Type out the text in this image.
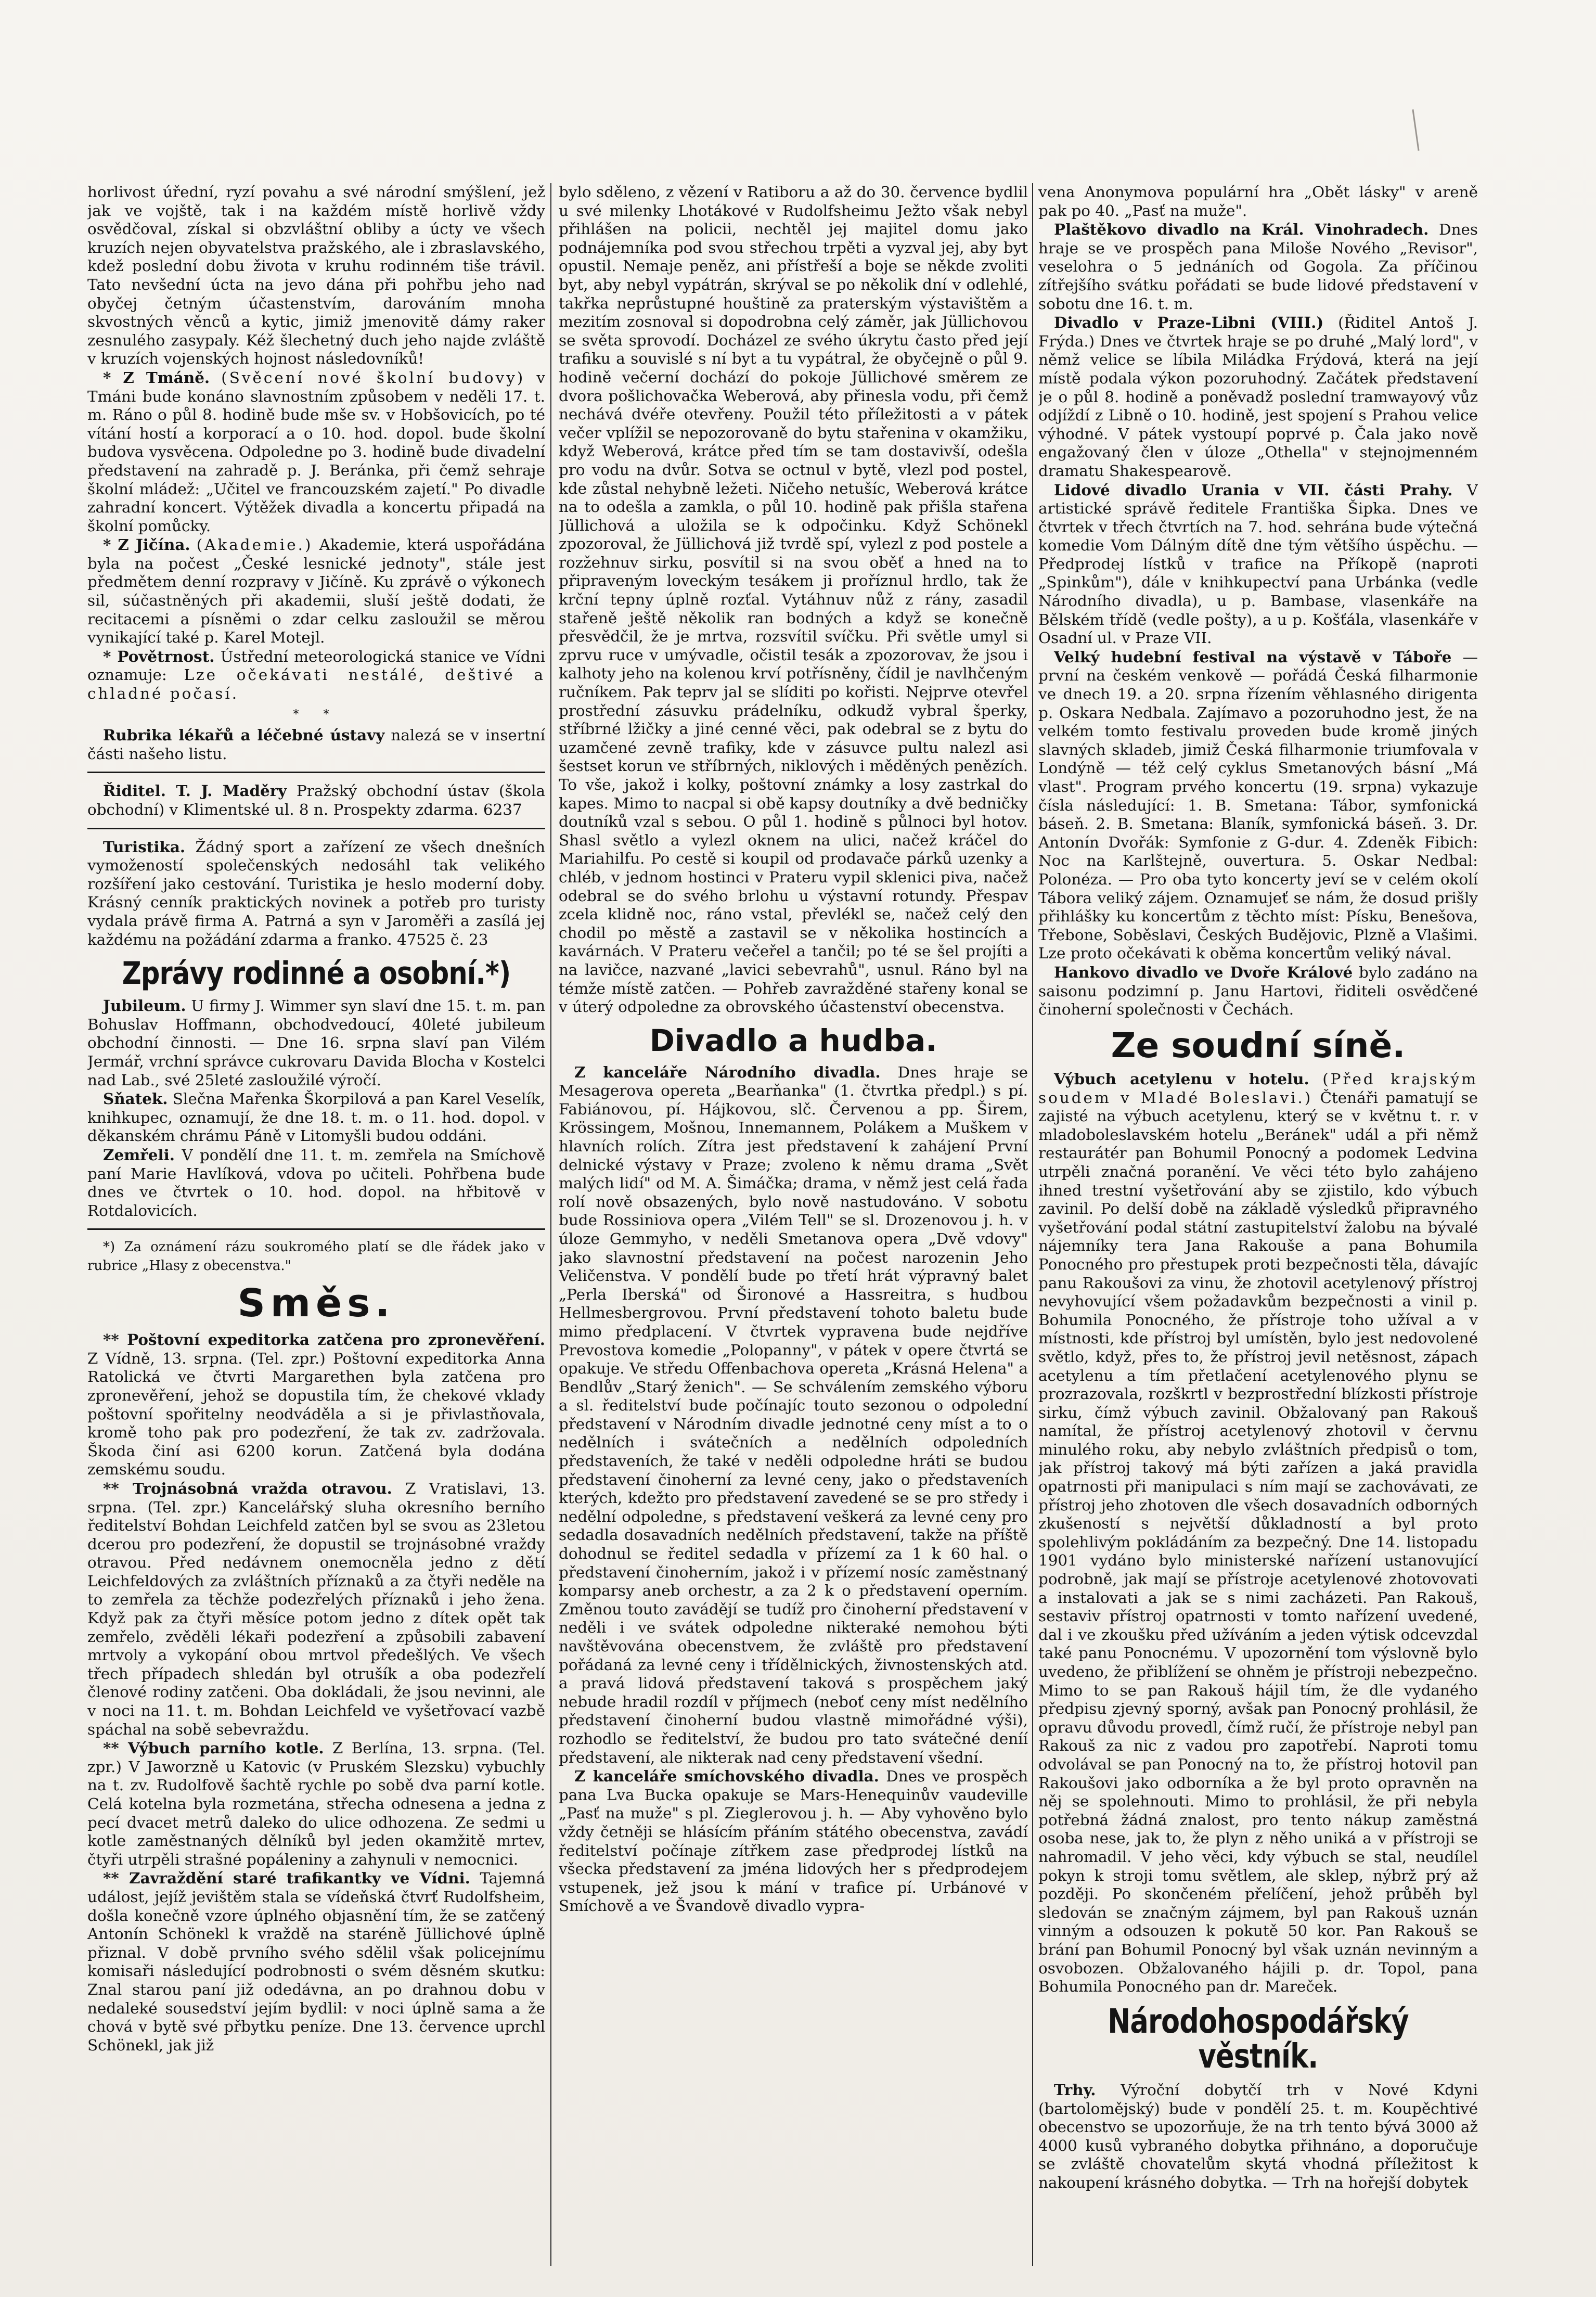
horlivost úřední, ryzí povahu a své národní smýšlení, jež jak ve vojště, tak i na každém místě horlivě vždy osvědčoval, získal si obzvláštní obliby a úcty ve všech kruzích nejen obyvatelstva pražského, ale i zbraslavského, kdež poslední dobu života v kruhu rodinném tiše trávil. Tato nevšední úcta na jevo dána při pohřbu jeho nad obyčej četným účastenstvím, darováním mnoha skvostných věnců a kytic, jimiž jmenovitě dámy raker zesnulého zasypaly. Kéž šlechetný duch jeho najde zvláště v kruzích vojenských hojnost následovníků!

* Z Tmáně. (Svěcení nové školní budovy) v Tmáni bude konáno slavnostním způsobem v neděli 17. t. m. Ráno o půl 8. hodině bude mše sv. v Hobšovicích, po té vítání hostí a korporací a o 10. hod. dopol. bude školní budova vysvěcena. Odpoledne po 3. hodině bude divadelní představení na zahradě p. J. Beránka, při čemž sehraje školní mládež: „Učitel ve francouzském zajetí." Po divadle zahradní koncert. Výtěžek divadla a koncertu připadá na školní pomůcky.

* Z Jičína. (Akademie.) Akademie, která uspořádána byla na počest „České lesnické jednoty", stále jest předmětem denní rozpravy v Jičíně. Ku zprávě o výkonech sil, súčastněných při akademii, sluší ještě dodati, že recitacemi a písněmi o zdar celku zasloužil se měrou vynikající také p. Karel Motejl.

* Povětrnost. Ústřední meteorologická stanice ve Vídni oznamuje: Lze očekávati nestálé, deštivé a chladné počasí.

* *

Rubrika lékařů a léčebné ústavy nalezá se v insertní části našeho listu.

Řiditel. T. J. Maděry Pražský obchodní ústav (škola obchodní) v Klimentské ul. 8 n. Prospekty zdarma. 6237

Turistika. Žádný sport a zařízení ze všech dnešních vymožeností společenských nedosáhl tak velikého rozšíření jako cestování. Turistika je heslo moderní doby. Krásný cenník praktických novinek a potřeb pro turisty vydala právě firma A. Patrná a syn v Jaroměři a zasílá jej každému na požádání zdarma a franko. 47525 č. 23

Zprávy rodinné a osobní.*)

Jubileum. U firmy J. Wimmer syn slaví dne 15. t. m. pan Bohuslav Hoffmann, obchodvedoucí, 40leté jubileum obchodní činnosti. — Dne 16. srpna slaví pan Vilém Jermář, vrchní správce cukrovaru Davida Blocha v Kostelci nad Lab., své 25leté zasloužilé výročí.

Sňatek. Slečna Mařenka Škorpilová a pan Karel Veselík, knihkupec, oznamují, že dne 18. t. m. o 11. hod. dopol. v děkanském chrámu Páně v Litomyšli budou oddáni.

Zemřeli. V pondělí dne 11. t. m. zemřela na Smíchově paní Marie Havlíková, vdova po učiteli. Pohřbena bude dnes ve čtvrtek o 10. hod. dopol. na hřbitově v Rotdalovicích.

*) Za oznámení rázu soukromého platí se dle řádek jako v rubrice „Hlasy z obecenstva."

Směs.

** Poštovní expeditorka zatčena pro zpronevěření. Z Vídně, 13. srpna. (Tel. zpr.) Poštovní expeditorka Anna Ratolická ve čtvrti Margarethen byla zatčena pro zpronevěření, jehož se dopustila tím, že chekové vklady poštovní spořitelny neodváděla a si je přivlastňovala, kromě toho pak pro podezření, že tak zv. zadržovala. Škoda činí asi 6200 korun. Zatčená byla dodána zemskému soudu.

** Trojnásobná vražda otravou. Z Vratislavi, 13. srpna. (Tel. zpr.) Kancelářský sluha okresního berního ředitelství Bohdan Leichfeld zatčen byl se svou as 23letou dcerou pro podezření, že dopustil se trojnásobné vraždy otravou. Před nedávnem onemocněla jedno z dětí Leichfeldových za zvláštních příznaků a za čtyři neděle na to zemřela za těchže podezřelých příznaků i jeho žena. Když pak za čtyři měsíce potom jedno z dítek opět tak zemřelo, zvěděli lékaři podezření a způsobili zabavení mrtvoly a vykopání obou mrtvol předešlých. Ve všech třech případech shledán byl otrušík a oba podezřelí členové rodiny zatčeni. Oba dokládali, že jsou nevinni, ale v noci na 11. t. m. Bohdan Leichfeld ve vyšetřovací vazbě spáchal na sobě sebevraždu.

** Výbuch parního kotle. Z Berlína, 13. srpna. (Tel. zpr.) V Jaworzně u Katovic (v Pruském Slezsku) vybuchly na t. zv. Rudolfově šachtě rychle po sobě dva parní kotle. Celá kotelna byla rozmetána, střecha odnesena a jedna z pecí dvacet metrů daleko do ulice odhozena. Ze sedmi u kotle zaměstnaných dělníků byl jeden okamžitě mrtev, čtyři utrpěli strašné popáleniny a zahynuli v nemocnici.

** Zavraždění staré trafikantky ve Vídni. Tajemná událost, jejíž jevištěm stala se vídeňská čtvrť Rudolfsheim, došla konečně vzore úplného objasnění tím, že se zatčený Antonín Schönekl k vraždě na staréně Jüllichové úplně přiznal. V době prvního svého sdělil však policejnímu komisaři následující podrobnosti o svém děsném skutku: Znal starou paní již odedávna, an po drahnou dobu v nedaleké sousedství jejím bydlil: v noci úplně sama a že chová v bytě své přbytku peníze. Dne 13. července uprchl Schönekl, jak již

bylo sděleno, z vězení v Ratiboru a až do 30. července bydlil u své milenky Lhotákové v Rudolfsheimu Ježto však nebyl přihlášen na policii, nechtěl jej majitel domu jako podnájemníka pod svou střechou trpěti a vyzval jej, aby byt opustil. Nemaje peněz, ani přístřeší a boje se někde zvoliti byt, aby nebyl vypátrán, skrýval se po několik dní v odlehlé, takřka neprůstupné houštině za praterským výstavištěm a mezitím zosnoval si dopodrobna celý záměr, jak Jüllichovou se světa sprovodí. Docházel ze svého úkrytu často před její trafiku a souvislé s ní byt a tu vypátral, že obyčejně o půl 9. hodině večerní dochází do pokoje Jüllichové směrem ze dvora pošlichovačka Weberová, aby přinesla vodu, při čemž nechává dvéře otevřeny. Použil této příležitosti a v pátek večer vplížil se nepozorovaně do bytu stařenina v okamžiku, když Weberová, krátce před tím se tam dostavivší, odešla pro vodu na dvůr. Sotva se octnul v bytě, vlezl pod postel, kde zůstal nehybně ležeti. Ničeho netušíc, Weberová krátce na to odešla a zamkla, o půl 10. hodině pak přišla stařena Jüllichová a uložila se k odpočinku. Když Schönekl zpozoroval, že Jüllichová již tvrdě spí, vylezl z pod postele a rozžehnuv sirku, posvítil si na svou oběť a hned na to připraveným loveckým tesákem ji proříznul hrdlo, tak že krční tepny úplně rozťal. Vytáhnuv nůž z rány, zasadil stařeně ještě několik ran bodných a když se konečně přesvědčil, že je mrtva, rozsvítil svíčku. Při světle umyl si zprvu ruce v umývadle, očistil tesák a zpozorovav, že jsou i kalhoty jeho na kolenou krví potřísněny, čídil je navlhčeným ručníkem. Pak teprv jal se slíditi po kořisti. Nejprve otevřel prostřední zásuvku prádelníku, odkudž vybral šperky, stříbrné lžičky a jiné cenné věci, pak odebral se z bytu do uzamčené zevně trafiky, kde v zásuvce pultu nalezl asi šestset korun ve stříbrných, niklových i měděných penězích. To vše, jakož i kolky, poštovní známky a losy zastrkal do kapes. Mimo to nacpal si obě kapsy doutníky a dvě bedničky doutníků vzal s sebou. O půl 1. hodině s půlnoci byl hotov. Shasl světlo a vylezl oknem na ulici, načež kráčel do Mariahilfu. Po cestě si koupil od prodavače párků uzenky a chléb, v jednom hostinci v Prateru vypil sklenici piva, načež odebral se do svého brlohu u výstavní rotundy. Přespav zcela klidně noc, ráno vstal, převlékl se, načež celý den chodil po městě a zastavil se v několika hostincích a kavárnách. V Prateru večeřel a tančil; po té se šel projíti a na lavičce, nazvané „lavici sebevrahů", usnul. Ráno byl na témže místě zatčen. — Pohřeb zavražděné stařeny konal se v úterý odpoledne za obrovského účastenství obecenstva.

Divadlo a hudba.

Z kanceláře Národního divadla. Dnes hraje se Mesagerova opereta „Bearňanka" (1. čtvrtka předpl.) s pí. Fabiánovou, pí. Hájkovou, slč. Červenou a pp. Širem, Krössingem, Mošnou, Innemannem, Polákem a Muškem v hlavních rolích. Zítra jest představení k zahájení První delnické výstavy v Praze; zvoleno k němu drama „Svět malých lidí" od M. A. Šimáčka; drama, v němž jest celá řada rolí nově obsazených, bylo nově nastudováno. V sobotu bude Rossiniova opera „Vilém Tell" se sl. Drozenovou j. h. v úloze Gemmyho, v neděli Smetanova opera „Dvě vdovy" jako slavnostní představení na počest narozenin Jeho Veličenstva. V pondělí bude po třetí hrát výpravný balet „Perla Iberská" od Šironové a Hassreitra, s hudbou Hellmesbergrovou. První představení tohoto baletu bude mimo předplacení. V čtvrtek vypravena bude nejdříve Prevostova komedie „Polopanny", v pátek v opere čtvrtá se opakuje. Ve středu Offenbachova opereta „Krásná Helena" a Bendlův „Starý ženich". — Se schválením zemského výboru a sl. ředitelství bude počínajíc touto sezonou o odpolední představení v Národním divadle jednotné ceny míst a to o nedělních i svátečních a nedělních odpoledních představeních, že také v neděli odpoledne hráti se budou představení činoherní za levné ceny, jako o představeních kterých, kdežto pro představení zavedené se se pro středy i nedělní odpoledne, s představení veškerá za levné ceny pro sedadla dosavadních nedělních představení, takže na příště dohodnul se ředitel sedadla v přízemí za 1 k 60 hal. o představení činoherním, jakož i v přízemí nosíc zaměstnaný komparsy aneb orchestr, a za 2 k o představení operním. Změnou touto zavádějí se tudíž pro činoherní představení v neděli i ve svátek odpoledne nikteraké nemohou býti navštěvována obecenstvem, že zvláště pro představení pořádaná za levné ceny i třídělnických, živnostenských atd. a pravá lidová představení taková s prospěchem jaký nebude hradil rozdíl v příjmech (neboť ceny míst nedělního představení činoherní budou vlastně mimořádné výši), rozhodlo se ředitelství, že budou pro tato svátečné deníí představení, ale nikterak nad ceny představení všední.

Z kanceláře smíchovského divadla. Dnes ve prospěch pana Lva Bucka opakuje se Mars-Henequinův vaudeville „Pasť na muže" s pl. Zieglerovou j. h. — Aby vyhověno bylo vždy četněji se hlásícím přáním státého obecenstva, zavádí ředitelství počínaje zítřkem zase předprodej lístků na všecka představení za jména lidových her s předprodejem vstupenek, jež jsou k mání v trafice pí. Urbánové v Smíchově a ve Švandově divadlo vypra-

vena Anonymova populární hra „Obět lásky" v areně pak po 40. „Pasť na muže".

Plaštěkovo divadlo na Král. Vinohradech. Dnes hraje se ve prospěch pana Miloše Nového „Revisor", veselohra o 5 jednáních od Gogola. Za příčinou zítřejšího svátku pořádati se bude lidové představení v sobotu dne 16. t. m.

Divadlo v Praze-Libni (VIII.) (Řiditel Antoš J. Frýda.) Dnes ve čtvrtek hraje se po druhé „Malý lord", v němž velice se líbila Miládka Frýdová, která na její místě podala výkon pozoruhodný. Začátek představení je o půl 8. hodině a poněvadž poslední tramwayový vůz odjíždí z Libně o 10. hodině, jest spojení s Prahou velice výhodné. V pátek vystoupí poprvé p. Čala jako nově engažovaný člen v úloze „Othella" v stejnojmenném dramatu Shakespearově.

Lidové divadlo Urania v VII. části Prahy. V artistické správě ředitele Františka Šipka. Dnes ve čtvrtek v třech čtvrtích na 7. hod. sehrána bude výtečná komedie Vom Dálným dítě dne tým většího úspěchu. — Předprodej lístků v trafice na Příkopě (naproti „Spinkům"), dále v knihkupectví pana Urbánka (vedle Národního divadla), u p. Bambase, vlasenkáře na Bělském třídě (vedle pošty), a u p. Košťála, vlasenkáře v Osadní ul. v Praze VII.

Velký hudební festival na výstavě v Táboře — první na českém venkově — pořádá Česká filharmonie ve dnech 19. a 20. srpna řízením věhlasného dirigenta p. Oskara Nedbala. Zajímavo a pozoruhodno jest, že na velkém tomto festivalu proveden bude kromě jiných slavných skladeb, jimiž Česká filharmonie triumfovala v Londýně — též celý cyklus Smetanových básní „Má vlast". Program prvého koncertu (19. srpna) vykazuje čísla následující: 1. B. Smetana: Tábor, symfonická báseň. 2. B. Smetana: Blaník, symfonická báseň. 3. Dr. Antonín Dvořák: Symfonie z G-dur. 4. Zdeněk Fibich: Noc na Karlštejně, ouvertura. 5. Oskar Nedbal: Polonéza. — Pro oba tyto koncerty jeví se v celém okolí Tábora veliký zájem. Oznamujeť se nám, že dosud prišly přihlášky ku koncertům z těchto míst: Písku, Benešova, Třebone, Soběslavi, Českých Budějovic, Plzně a Vlašimi. Lze proto očekávati k oběma koncertům veliký nával.

Hankovo divadlo ve Dvoře Králové bylo zadáno na saisonu podzimní p. Janu Hartovi, řiditeli osvědčené činoherní společnosti v Čechách.

Ze soudní síně.

Výbuch acetylenu v hotelu. (Před krajským soudem v Mladé Boleslavi.) Čtenáři pamatují se zajisté na výbuch acetylenu, který se v květnu t. r. v mladoboleslavském hotelu „Beránek" udál a při němž restaurátér pan Bohumil Ponocný a podomek Ledvina utrpěli značná poranění. Ve věci této bylo zahájeno ihned trestní vyšetřování aby se zjistilo, kdo výbuch zavinil. Po delší době na základě výsledků připravného vyšetřování podal státní zastupitelství žalobu na bývalé nájemníky tera Jana Rakouše a pana Bohumila Ponocného pro přestupek proti bezpečnosti těla, dávajíc panu Rakoušovi za vinu, že zhotovil acetylenový přístroj nevyhovující všem požadavkům bezpečnosti a vinil p. Bohumila Ponocného, že přístroje toho užíval a v místnosti, kde přístroj byl umístěn, bylo jest nedovolené světlo, když, přes to, že přístroj jevil netěsnost, zápach acetylenu a tím přetlačení acetylenového plynu se prozrazovala, rozškrtl v bezprostřední blízkosti přístroje sirku, čímž výbuch zavinil. Obžalovaný pan Rakouš namítal, že přístroj acetylenový zhotovil v červnu minulého roku, aby nebylo zvláštních předpisů o tom, jak přístroj takový má býti zařízen a jaká pravidla opatrnosti při manipulaci s ním mají se zachovávati, ze přístroj jeho zhotoven dle všech dosavadních odborných zkušeností s největší důkladností a byl proto spolehlivým pokládáním za bezpečný. Dne 14. listopadu 1901 vydáno bylo ministerské nařízení ustanovující podrobně, jak mají se přístroje acetylenové zhotovovati a instalovati a jak se s nimi zacházeti. Pan Rakouš, sestaviv přístroj opatrnosti v tomto nařízení uvedené, dal i ve zkoušku před užíváním a jeden výtisk odcevzdal také panu Ponocnému. V upozornění tom výslovně bylo uvedeno, že přiblížení se ohněm je přístroji nebezpečno. Mimo to se pan Rakouš hájil tím, že dle vydaného předpisu zjevný sporný, avšak pan Ponocný prohlásil, že opravu důvodu provedl, čímž ručí, že přístroje nebyl pan Rakouš za nic z vadou pro zapotřebí. Naproti tomu odvolával se pan Ponocný na to, že přístroj hotovil pan Rakoušovi jako odborníka a že byl proto opravněn na něj se spolehnouti. Mimo to prohlásil, že při nebyla potřebná žádná znalost, pro tento nákup zaměstná osoba nese, jak to, že plyn z něho uniká a v přístroji se nahromadil. V jeho věci, kdy výbuch se stal, neudílel pokyn k stroji tomu světlem, ale sklep, nýbrž prý až později. Po skončeném přelíčení, jehož průběh byl sledován se značným zájmem, byl pan Rakouš uznán vinným a odsouzen k pokutě 50 kor. Pan Rakouš se brání pan Bohumil Ponocný byl však uznán nevinným a osvobozen. Obžalovaného hájili p. dr. Topol, pana Bohumila Ponocného pan dr. Mareček.

Národohospodářský věstník.

Trhy. Výroční dobytčí trh v Nové Kdyni (bartolomějský) bude v pondělí 25. t. m. Koupěchtivé obecenstvo se upozorňuje, že na trh tento bývá 3000 až 4000 kusů vybraného dobytka přihnáno, a doporučuje se zvláště chovatelům skytá vhodná příležitost k nakoupení krásného dobytka. — Trh na hořejší dobytek
